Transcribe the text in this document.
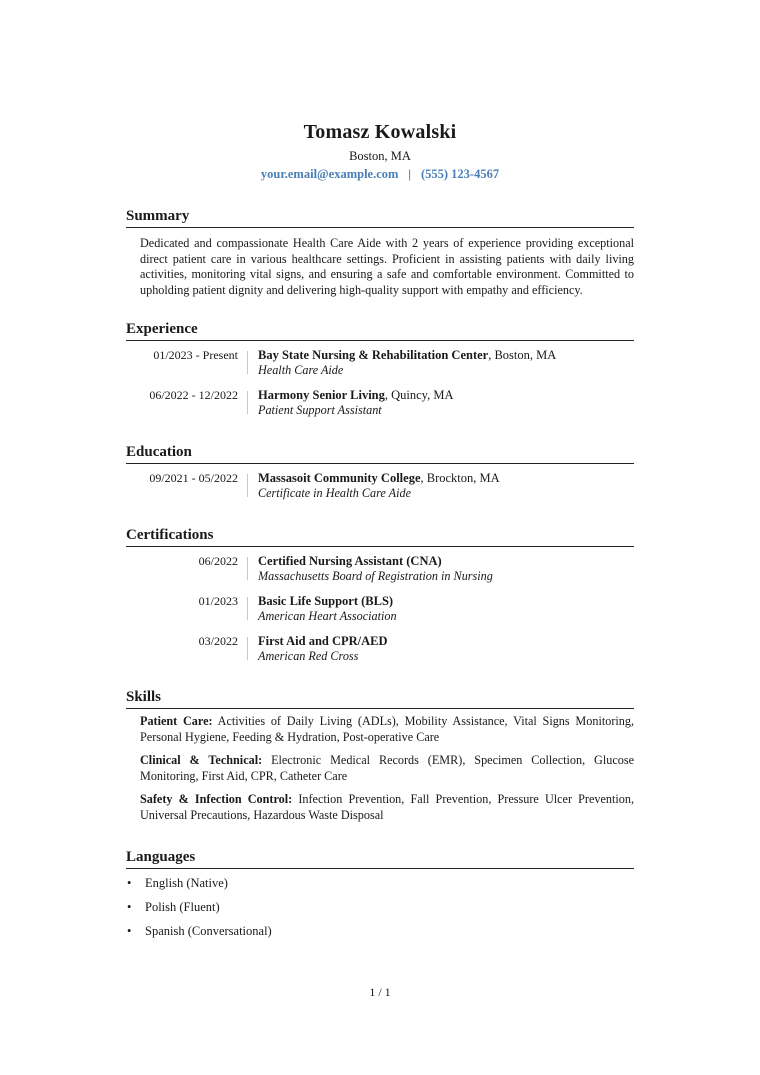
Tomasz Kowalski
Boston, MA
your.email@example.com | (555) 123-4567
Summary
Dedicated and compassionate Health Care Aide with 2 years of experience providing exceptional direct patient care in various healthcare settings. Proficient in assisting patients with daily living activities, monitoring vital signs, and ensuring a safe and comfortable environment. Committed to upholding patient dignity and delivering high-quality support with empathy and efficiency.
Experience
01/2023 - Present Bay State Nursing & Rehabilitation Center, Boston, MA
Health Care Aide
06/2022 - 12/2022 Harmony Senior Living, Quincy, MA
Patient Support Assistant
Education
09/2021 - 05/2022 Massasoit Community College, Brockton, MA
Certificate in Health Care Aide
Certifications
06/2022 Certified Nursing Assistant (CNA)
Massachusetts Board of Registration in Nursing
01/2023 Basic Life Support (BLS)
American Heart Association
03/2022 First Aid and CPR/AED
American Red Cross
Skills
Patient Care: Activities of Daily Living (ADLs), Mobility Assistance, Vital Signs Monitoring, Personal Hygiene, Feeding & Hydration, Post-operative Care
Clinical & Technical: Electronic Medical Records (EMR), Specimen Collection, Glucose Monitoring, First Aid, CPR, Catheter Care
Safety & Infection Control: Infection Prevention, Fall Prevention, Pressure Ulcer Prevention, Universal Precautions, Hazardous Waste Disposal
Languages
• English (Native)
• Polish (Fluent)
• Spanish (Conversational)
1 / 1
